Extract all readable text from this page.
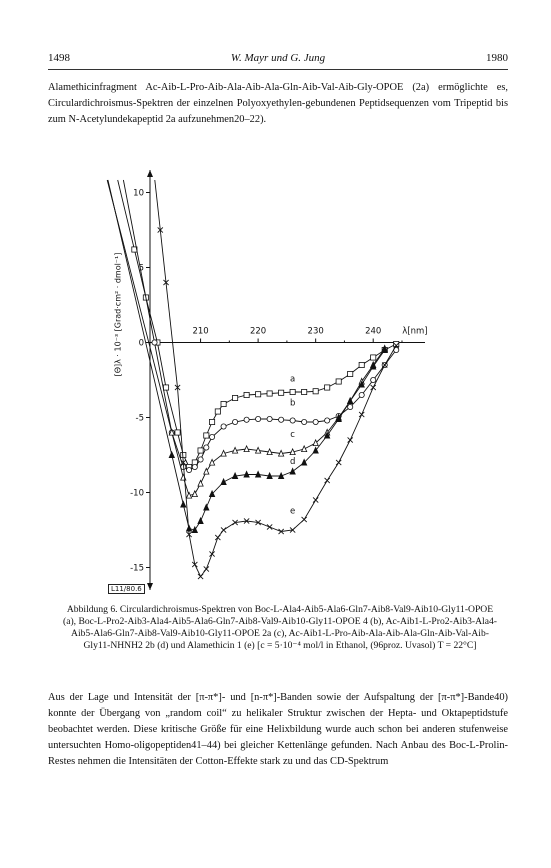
1498	W. Mayr und G. Jung	1980

Alamethicinfragment Ac-Aib-L-Pro-Aib-Ala-Aib-Ala-Gln-Aib-Val-Aib-Gly-OPOE (2a) ermöglichte es, Circulardichroismus-Spektren der einzelnen Polyoxyethylen-gebundenen Peptidsequenzen vom Tripeptid bis zum N-Acetylundekapeptid 2a aufzunehmen20–22).

10
5
0
-5
-10
-15
210	220	230	240 λ[nm]
a
b
c
d
e
L11/80.6
[Θ]λ · 10⁻³ [Grad·cm² · dmol⁻¹]
Abbildung 6. Circulardichroismus-Spektren von Boc-L-Ala4-Aib5-Ala6-Gln7-Aib8-Val9-Aib10-Gly11-OPOE (a), Boc-L-Pro2-Aib3-Ala4-Aib5-Ala6-Gln7-Aib8-Val9-Aib10-Gly11-OPOE 4 (b), Ac-Aib1-L-Pro2-Aib3-Ala4-Aib5-Ala6-Gln7-Aib8-Val9-Aib10-Gly11-OPOE 2a (c), Ac-Aib1-L-Pro-Aib-Ala-Aib-Ala-Gln-Aib-Val-Aib-Gly11-NHNH2 2b (d) und Alamethicin 1 (e) [c = 5·10⁻⁴ mol/l in Ethanol, (96proz. Uvasol) T = 22°C]

Aus der Lage und Intensität der [π-π*]- und [n-π*]-Banden sowie der Aufspaltung der [π-π*]-Bande40) konnte der Übergang von „random coil“ zu helikaler Struktur zwischen der Hepta- und Oktapeptidstufe beobachtet werden. Diese kritische Größe für eine Helixbildung wurde auch schon bei anderen stufenweise untersuchten Homo-oligopeptiden41–44) bei gleicher Kettenlänge gefunden. Nach Anbau des Boc-L-Prolin-Restes nehmen die Intensitäten der Cotton-Effekte stark zu und das CD-Spektrum
